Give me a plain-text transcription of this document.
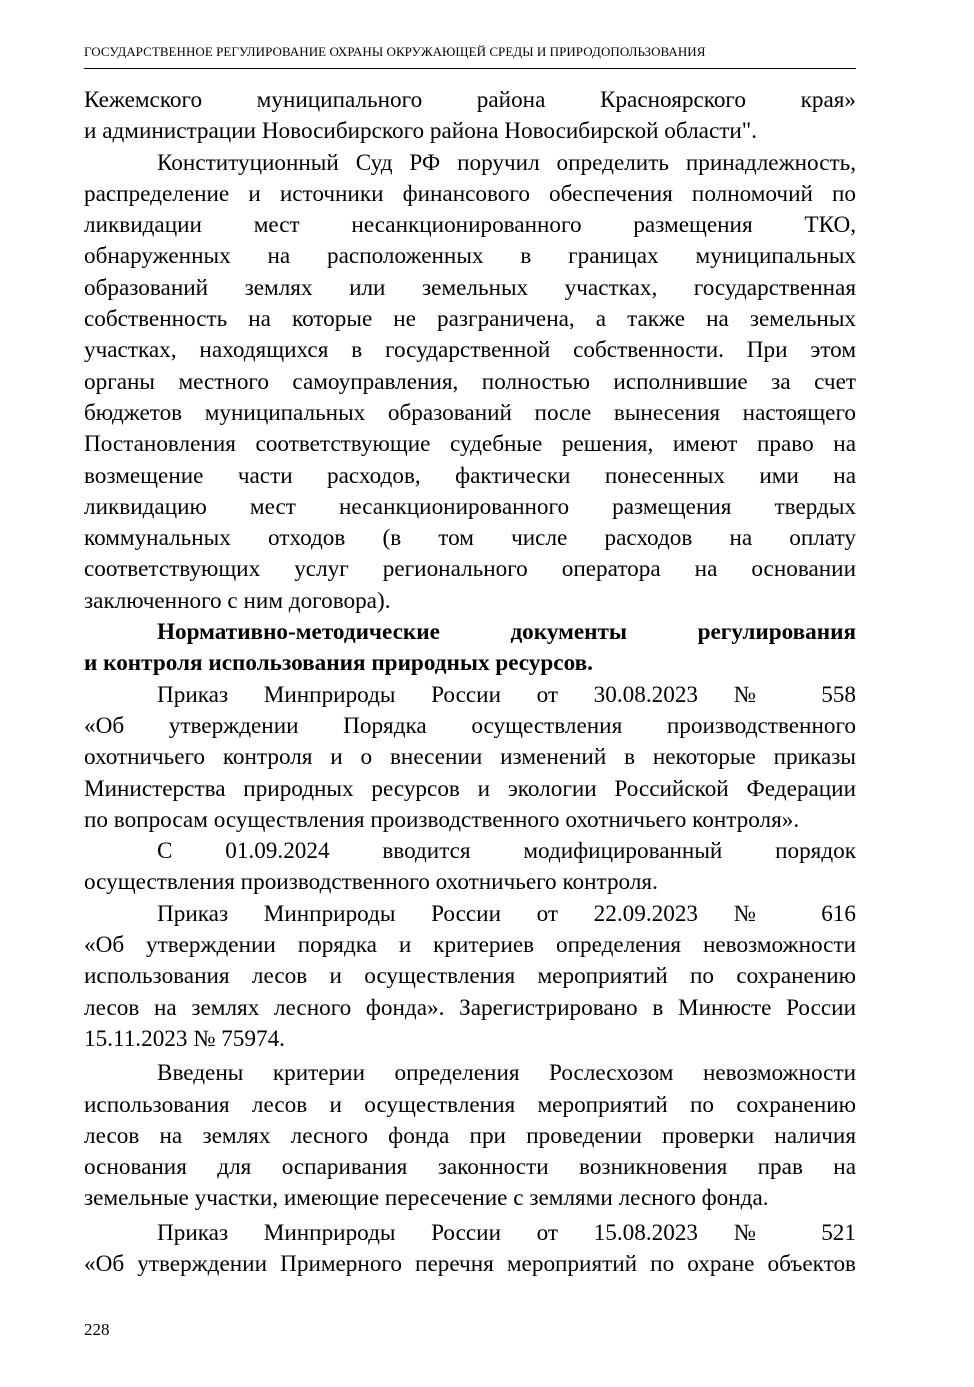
ГОСУДАРСТВЕННОЕ РЕГУЛИРОВАНИЕ ОХРАНЫ ОКРУЖАЮЩЕЙ СРЕДЫ И ПРИРОДОПОЛЬЗОВАНИЯ

Кежемского муниципального района Красноярского края»
и администрации Новосибирского района Новосибирской области".

Конституционный Суд РФ поручил определить принадлежность,
распределение и источники финансового обеспечения полномочий по
ликвидации мест несанкционированного размещения ТКО,
обнаруженных на расположенных в границах муниципальных
образований землях или земельных участках, государственная
собственность на которые не разграничена, а также на земельных
участках, находящихся в государственной собственности. При этом
органы местного самоуправления, полностью исполнившие за счет
бюджетов муниципальных образований после вынесения настоящего
Постановления соответствующие судебные решения, имеют право на
возмещение части расходов, фактически понесенных ими на
ликвидацию мест несанкционированного размещения твердых
коммунальных отходов (в том числе расходов на оплату
соответствующих услуг регионального оператора на основании
заключенного с ним договора).

Нормативно-методические документы регулирования
и контроля использования природных ресурсов.

Приказ Минприроды России от 30.08.2023 № 558
«Об утверждении Порядка осуществления производственного
охотничьего контроля и о внесении изменений в некоторые приказы
Министерства природных ресурсов и экологии Российской Федерации
по вопросам осуществления производственного охотничьего контроля».

С 01.09.2024 вводится модифицированный порядок
осуществления производственного охотничьего контроля.

Приказ Минприроды России от 22.09.2023 № 616
«Об утверждении порядка и критериев определения невозможности
использования лесов и осуществления мероприятий по сохранению
лесов на землях лесного фонда». Зарегистрировано в Минюсте России
15.11.2023 № 75974.

Введены критерии определения Рослесхозом невозможности
использования лесов и осуществления мероприятий по сохранению
лесов на землях лесного фонда при проведении проверки наличия
основания для оспаривания законности возникновения прав на
земельные участки, имеющие пересечение с землями лесного фонда.

Приказ Минприроды России от 15.08.2023 № 521
«Об утверждении Примерного перечня мероприятий по охране объектов

228
